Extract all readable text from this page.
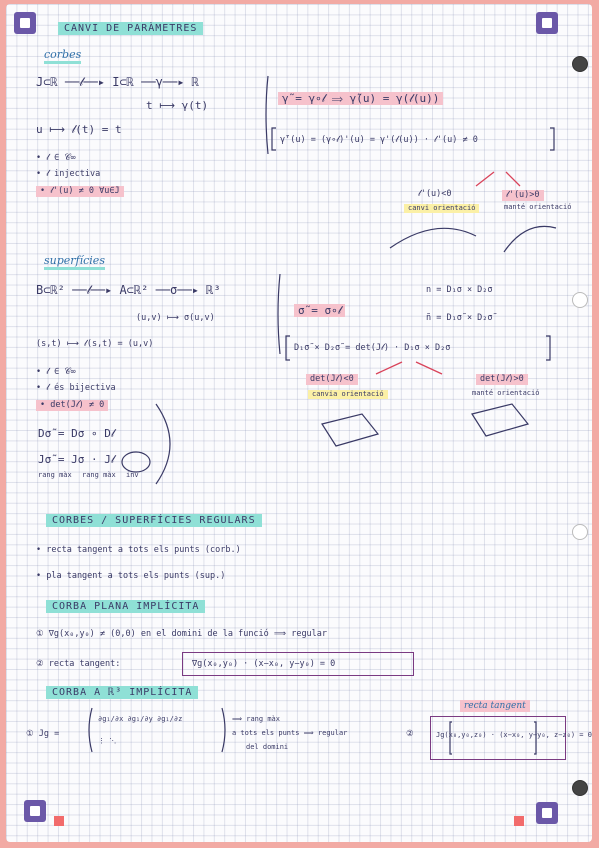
CANVI DE PARÀMETRES
corbes
J⊂ℝ ──𝓁──▸ I⊂ℝ ──γ──▸ ℝ
t ⟼ γ(t)
u ⟼ 𝓁(t) = t
γ̃ = γ∘𝓁 ⟹ γ̃(u) = γ(𝓁(u))
γ̃'(u) = (γ∘𝓁)'(u) = γ'(𝓁(u)) · 𝓁'(u) ≠ 0
• 𝓁 ∈ 𝒞∞
• 𝓁 injectiva
• 𝓁'(u) ≠ 0 ∀u∈J	𝓁'(u)<0
canvi orientació
𝓁'(u)>0
manté orientació
superfícies
B⊂ℝ² ──𝓁──▸ A⊂ℝ² ──σ──▸ ℝ³
(u,v) ⟼ σ(u,v)
(s,t) ⟼ 𝓁(s,t) = (u,v)
σ̃ = σ∘𝓁
n = D₁σ × D₂σ
ñ = D₁σ̃ × D₂σ̃
D₁σ̃ × D₂σ̃ = det(J𝓁) · D₁σ × D₂σ
• 𝓁 ∈ 𝒞∞
• 𝓁 és bijectiva
• det(J𝓁) ≠ 0
Dσ̃ = Dσ ∘ D𝓁
Jσ̃ = Jσ · J𝓁
rang màx rang màx inv
det(J𝓁)<0
canvia orientació
det(J𝓁)>0
manté orientació
CORBES / SUPERFÍCIES REGULARS
• recta tangent a tots els punts (corb.)
• pla tangent a tots els punts (sup.)
CORBA PLANA IMPLÍCITA
① ∇g(x₀,y₀) ≠ (0,0) en el domini de la funció ⟹ regular
② recta tangent:	∇g(x₀,y₀) · (x−x₀, y−y₀) = 0
CORBA A ℝ³ IMPLÍCITA
① Jg =
∂g₁/∂x ∂g₁/∂y ∂g₁/∂z
⋮ ⋱
⟹ rang màx
a tots els punts ⟹ regular
del domini
recta tangent
②	Jg(x₀,y₀,z₀) · (x−x₀, y−y₀, z−z₀) = 0
